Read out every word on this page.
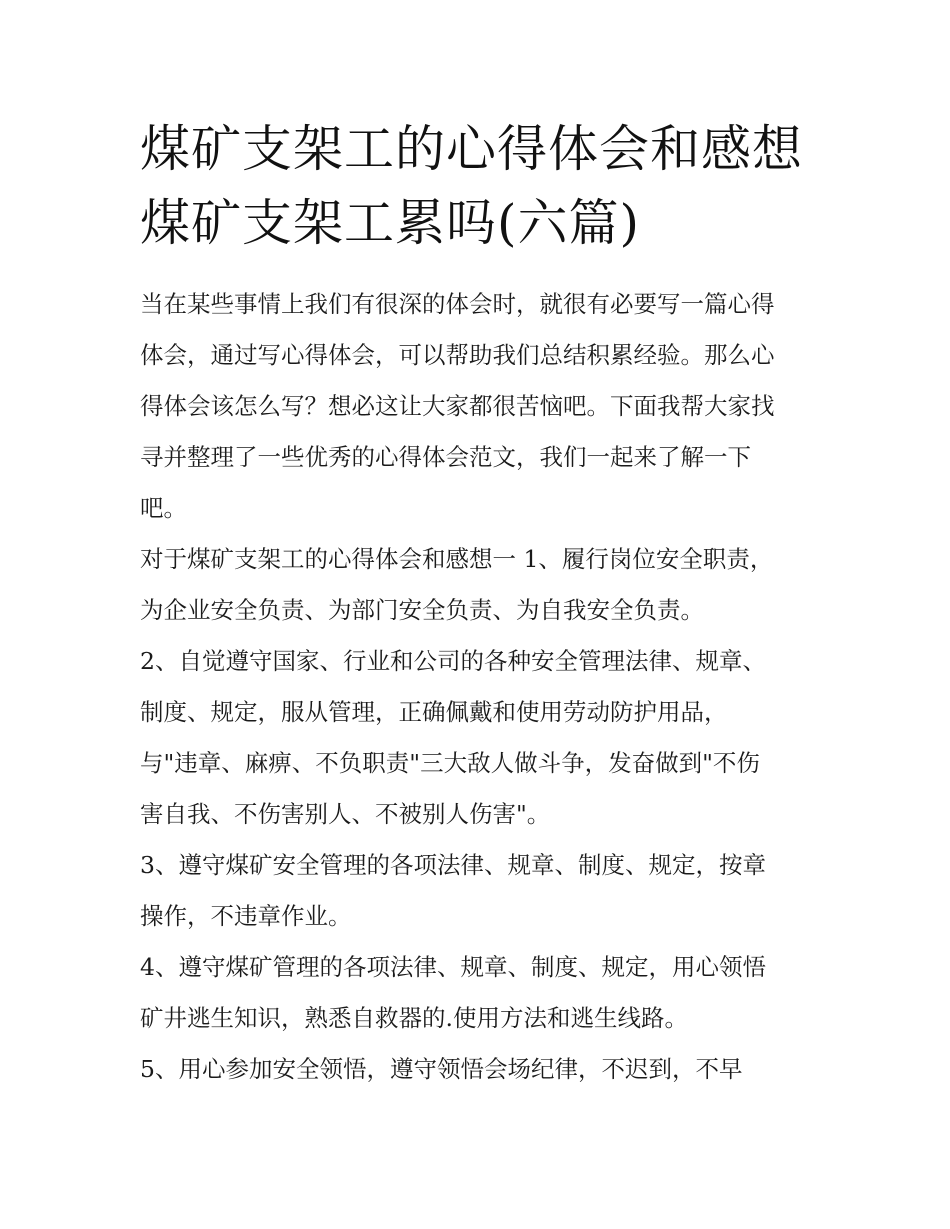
煤矿支架工的心得体会和感想
煤矿支架工累吗(六篇)
当在某些事情上我们有很深的体会时，就很有必要写一篇心得
体会，通过写心得体会，可以帮助我们总结积累经验。那么心
得体会该怎么写？想必这让大家都很苦恼吧。下面我帮大家找
寻并整理了一些优秀的心得体会范文，我们一起来了解一下
吧。
对于煤矿支架工的心得体会和感想一 1、履行岗位安全职责，
为企业安全负责、为部门安全负责、为自我安全负责。
2、自觉遵守国家、行业和公司的各种安全管理法律、规章、
制度、规定，服从管理，正确佩戴和使用劳动防护用品，
与"违章、麻痹、不负职责"三大敌人做斗争，发奋做到"不伤
害自我、不伤害别人、不被别人伤害"。
3、遵守煤矿安全管理的各项法律、规章、制度、规定，按章
操作，不违章作业。
4、遵守煤矿管理的各项法律、规章、制度、规定，用心领悟
矿井逃生知识，熟悉自救器的.使用方法和逃生线路。
5、用心参加安全领悟，遵守领悟会场纪律，不迟到，不早
